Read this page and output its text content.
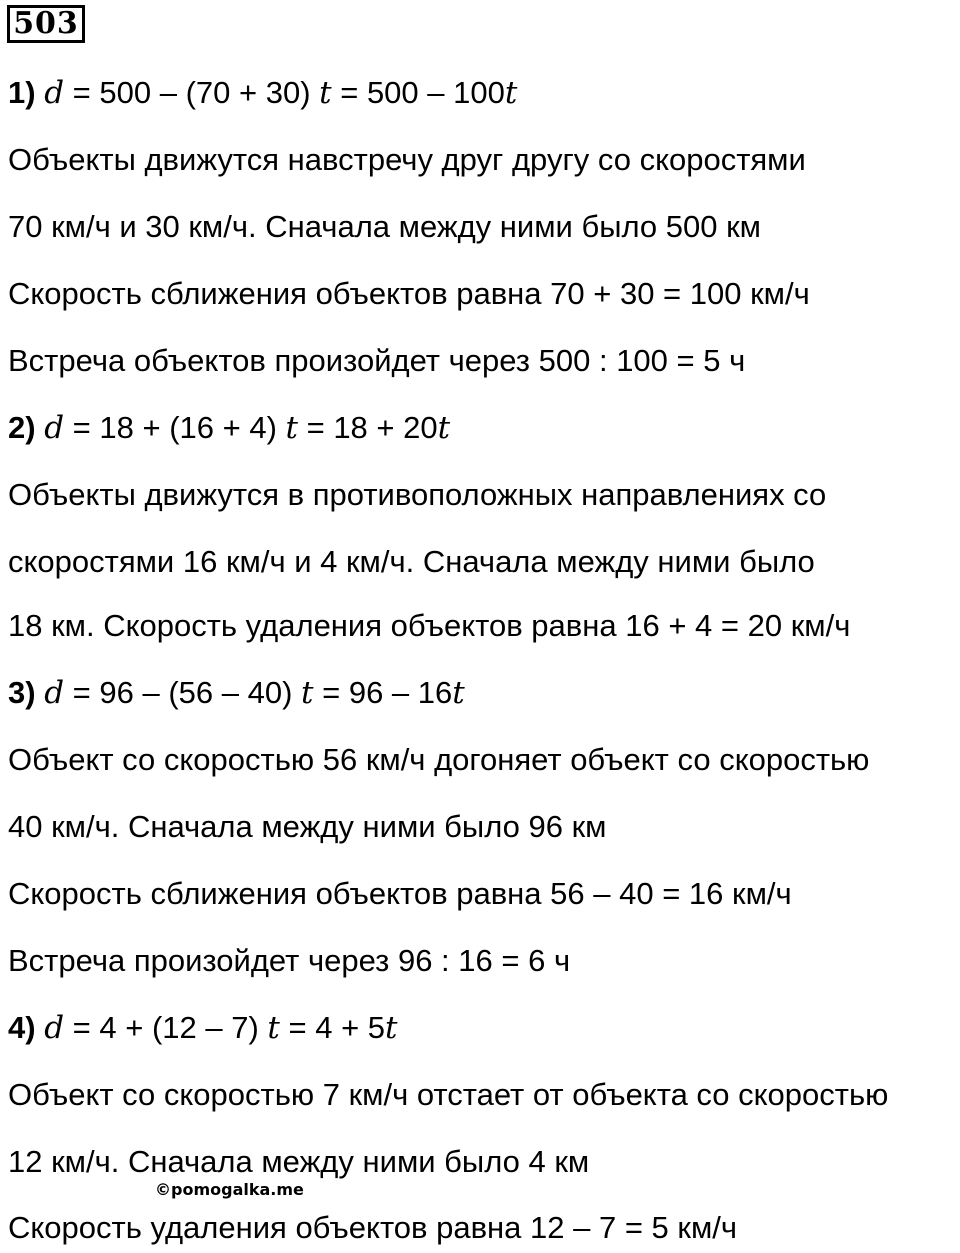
503
1) d = 500 – (70 + 30) t = 500 – 100t
Объекты движутся навстречу друг другу со скоростями
70 км/ч и 30 км/ч. Сначала между ними было 500 км
Скорость сближения объектов равна 70 + 30 = 100 км/ч
Встреча объектов произойдет через 500 : 100 = 5 ч
2) d = 18 + (16 + 4) t = 18 + 20t
Объекты движутся в противоположных направлениях со
скоростями 16 км/ч и 4 км/ч. Сначала между ними было
18 км. Скорость удаления объектов равна 16 + 4 = 20 км/ч
3) d = 96 – (56 – 40) t = 96 – 16t
Объект со скоростью 56 км/ч догоняет объект со скоростью
40 км/ч. Сначала между ними было 96 км
Скорость сближения объектов равна 56 – 40 = 16 км/ч
Встреча произойдет через 96 : 16 = 6 ч
4) d = 4 + (12 – 7) t = 4 + 5t
Объект со скоростью 7 км/ч отстает от объекта со скоростью
12 км/ч. Сначала между ними было 4 км
©pomogalka.me
Скорость удаления объектов равна 12 – 7 = 5 км/ч
